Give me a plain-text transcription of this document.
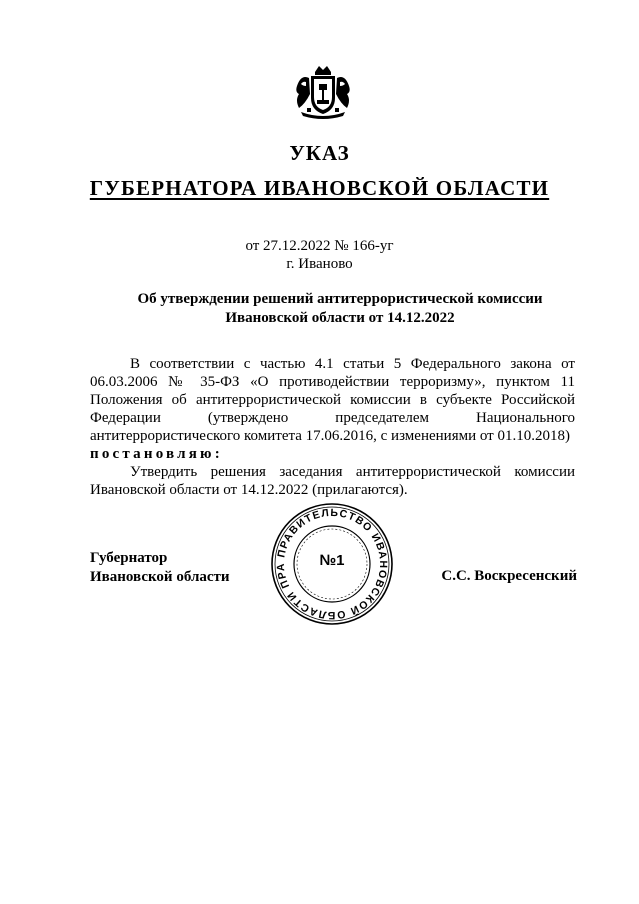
УКАЗ
ГУБЕРНАТОРА ИВАНОВСКОЙ ОБЛАСТИ
от 27.12.2022 № 166-уг
г. Иваново
Об утверждении решений антитеррористической комиссии
Ивановской области от 14.12.2022

В соответствии с частью 4.1 статьи 5 Федерального закона от 06.03.2006 № 35-ФЗ «О противодействии терроризму», пунктом 11 Положения об антитеррористической комиссии в субъекте Российской Федерации (утверждено председателем Национального антитеррористического комитета 17.06.2016, с изменениями от 01.10.2018)

постановляю:

Утвердить решения заседания антитеррористической комиссии Ивановской области от 14.12.2022 (прилагаются).

Губернатор
Ивановской области
ПРАВИТЕЛЬСТВО ИВАНОВСКОЙ ОБЛАСТИ ПРА	№1
С.С. Воскресенский
